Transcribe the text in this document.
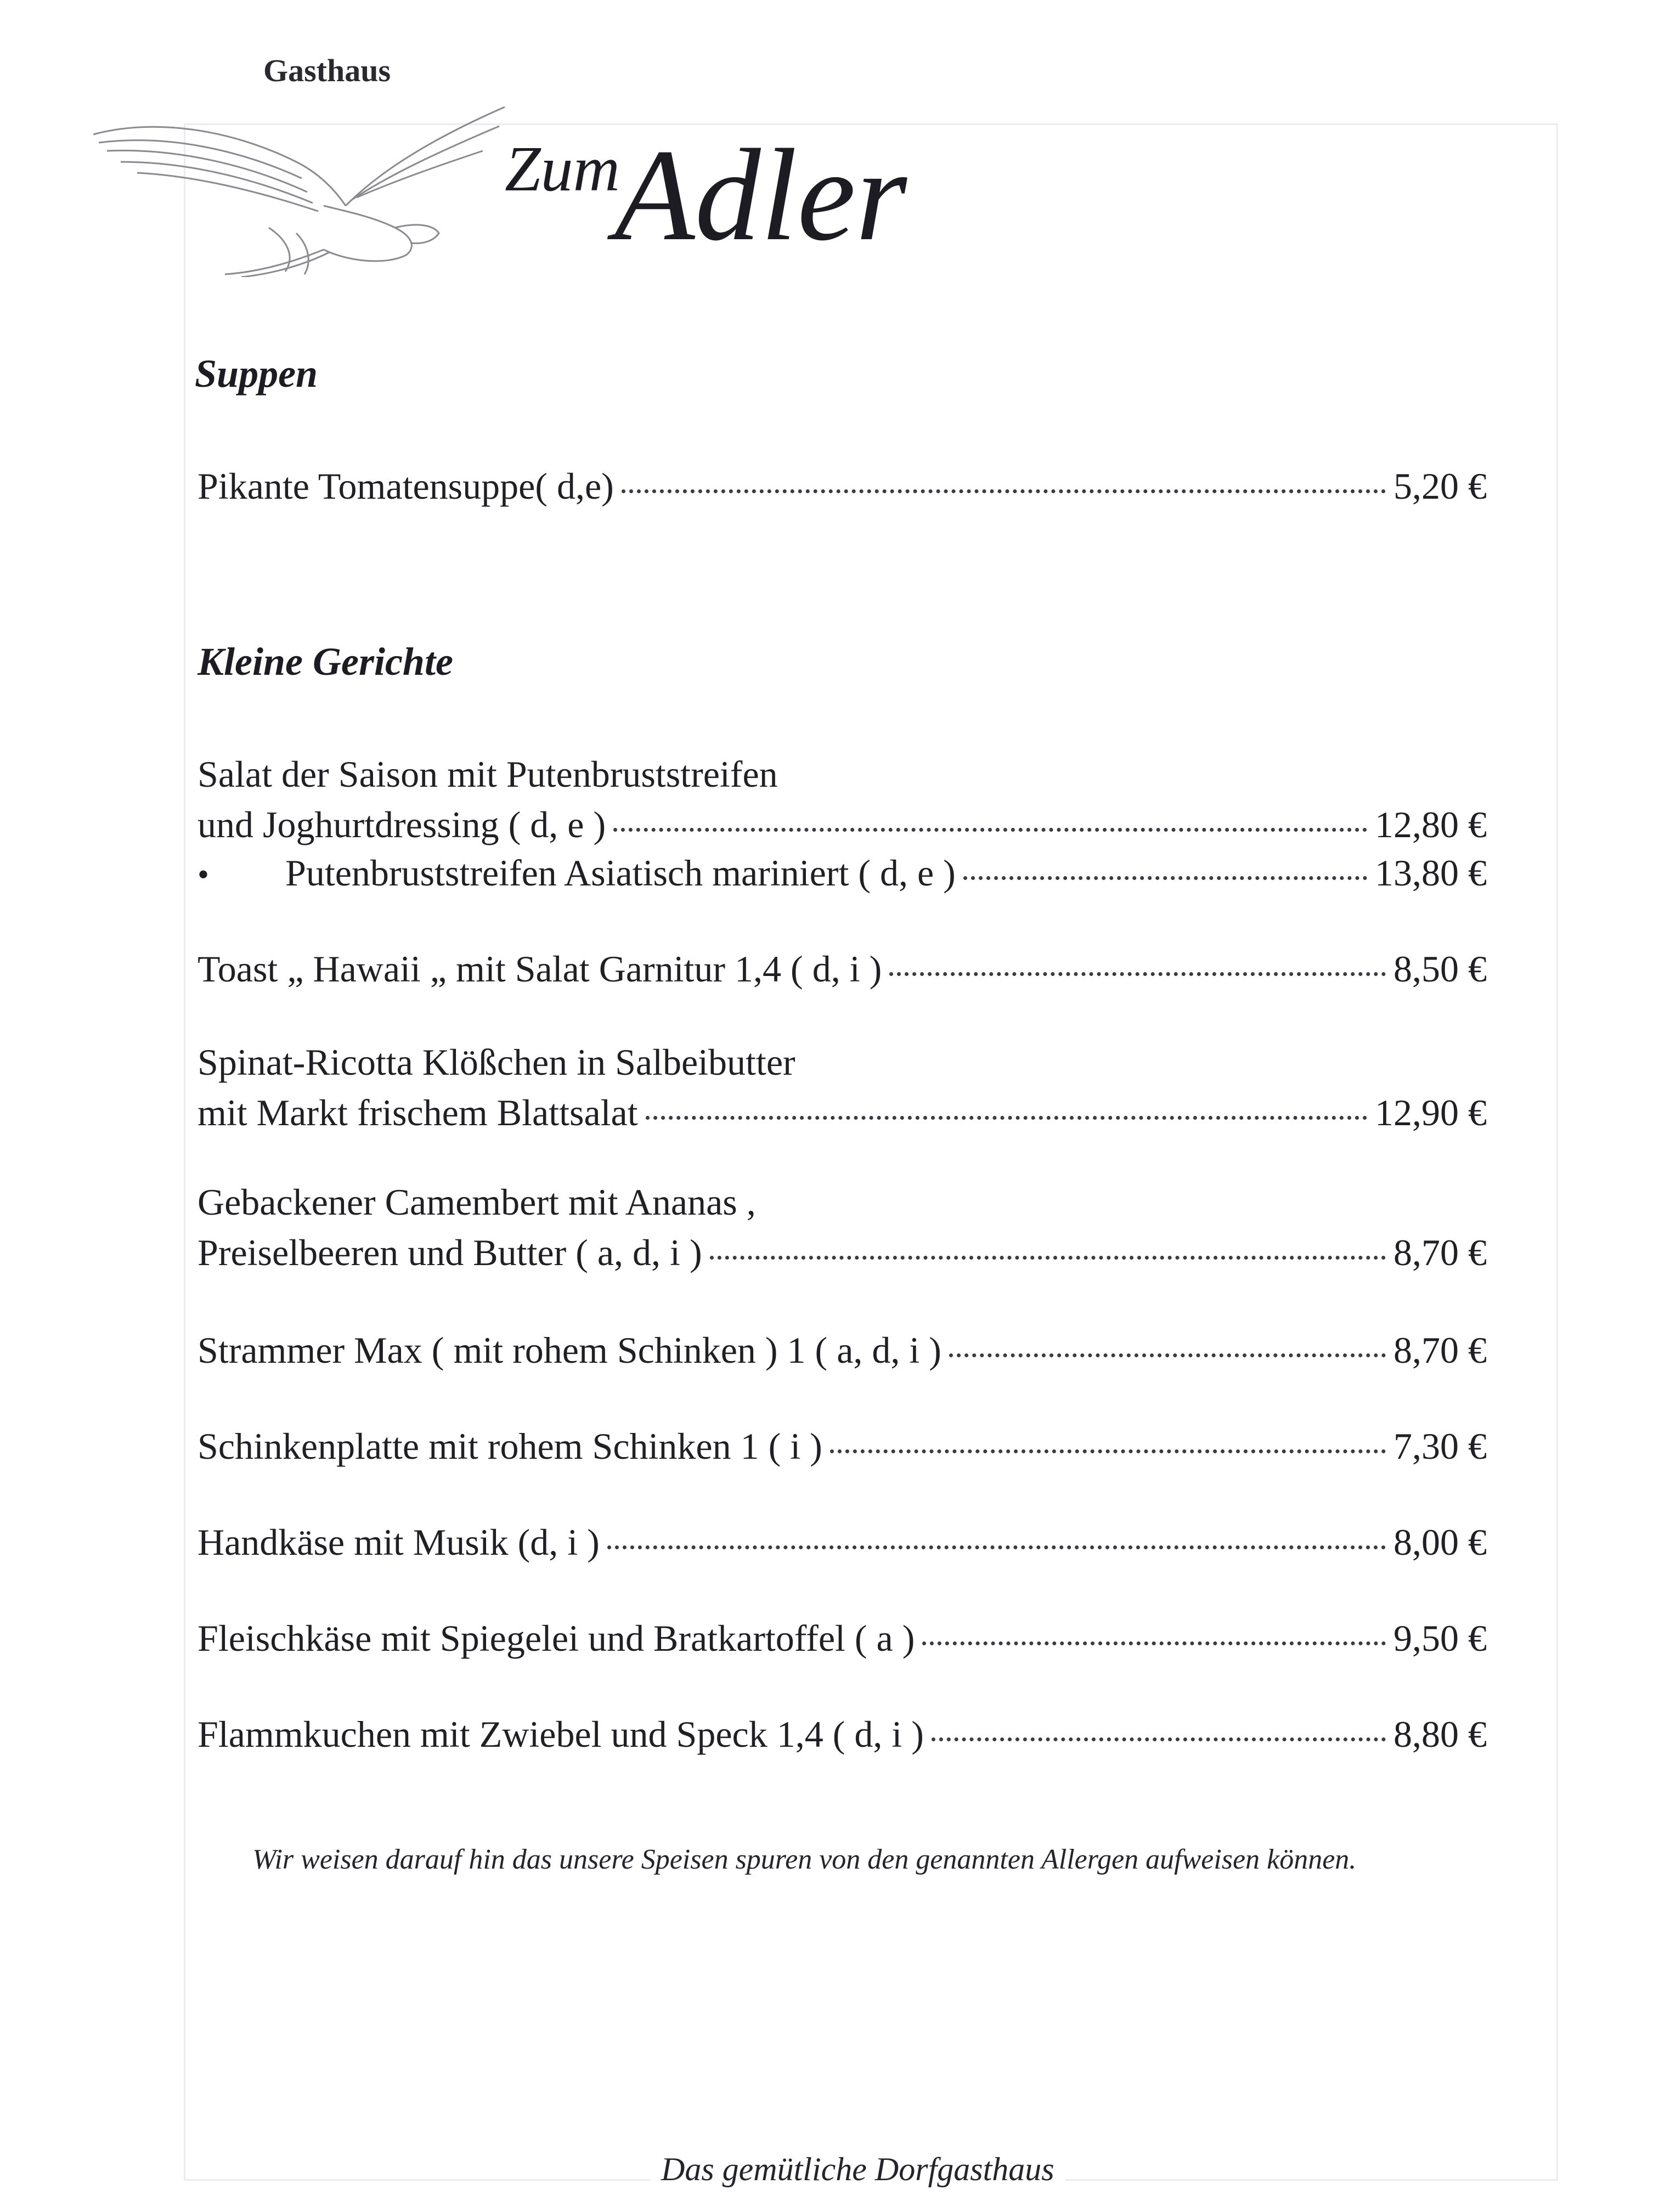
Gasthaus
Zum
Adler
Suppen
Pikante Tomatensuppe( d,e)	5,20 €
Kleine Gerichte
Salat der Saison mit Putenbruststreifen
und Joghurtdressing ( d, e )	12,80 €
•	Putenbruststreifen Asiatisch mariniert ( d, e )	13,80 €
Toast „ Hawaii „ mit Salat Garnitur 1,4 ( d, i )	8,50 €
Spinat-Ricotta Klößchen in Salbeibutter
mit Markt frischem Blattsalat	12,90 €
Gebackener Camembert mit Ananas ,
Preiselbeeren und Butter ( a, d, i )	8,70 €
Strammer Max ( mit rohem Schinken ) 1 ( a, d, i )	8,70 €
Schinkenplatte mit rohem Schinken 1 ( i )	7,30 €
Handkäse mit Musik (d, i )	8,00 €
Fleischkäse mit Spiegelei und Bratkartoffel ( a )	9,50 €
Flammkuchen mit Zwiebel und Speck 1,4 ( d, i )	8,80 €
Wir weisen darauf hin das unsere Speisen spuren von den genannten Allergen aufweisen können.
Das gemütliche Dorfgasthaus
